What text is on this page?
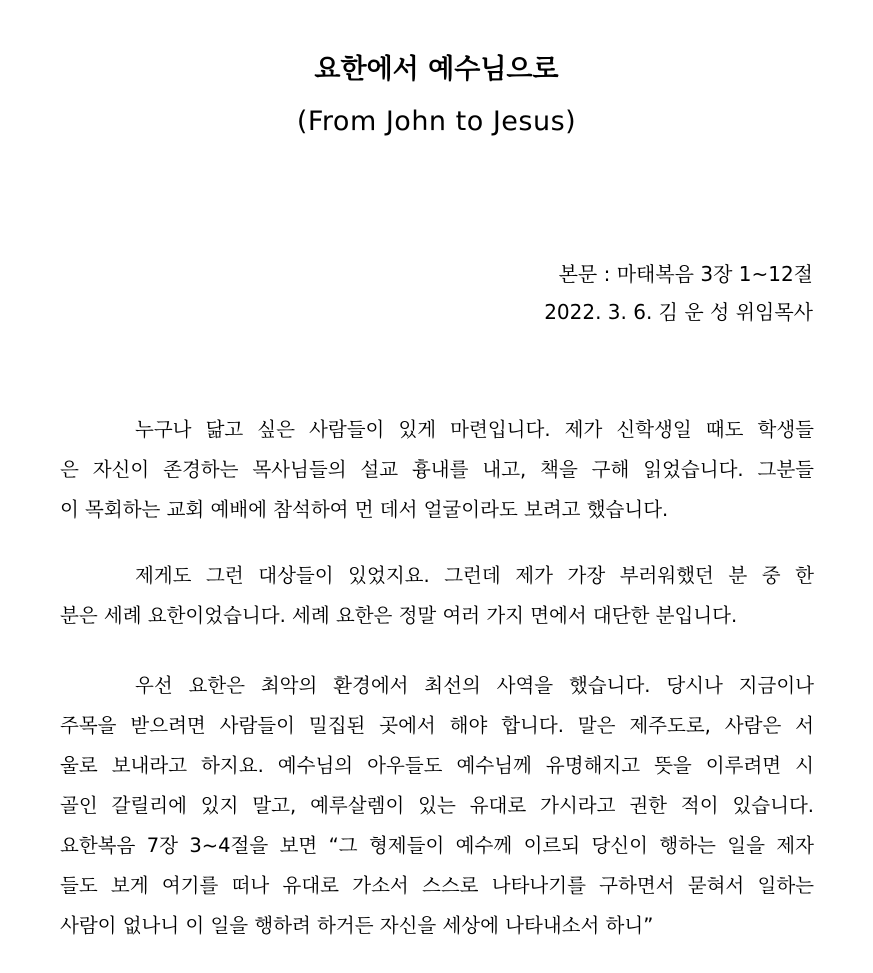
요한에서 예수님으로
(From John to Jesus)
본문 : 마태복음 3장 1~12절
2022. 3. 6. 김 운 성 위임목사
누구나 닮고 싶은 사람들이 있게 마련입니다. 제가 신학생일 때도 학생들
은 자신이 존경하는 목사님들의 설교 흉내를 내고, 책을 구해 읽었습니다. 그분들
이 목회하는 교회 예배에 참석하여 먼 데서 얼굴이라도 보려고 했습니다.
제게도 그런 대상들이 있었지요. 그런데 제가 가장 부러워했던 분 중 한
분은 세례 요한이었습니다. 세례 요한은 정말 여러 가지 면에서 대단한 분입니다.
우선 요한은 최악의 환경에서 최선의 사역을 했습니다. 당시나 지금이나
주목을 받으려면 사람들이 밀집된 곳에서 해야 합니다. 말은 제주도로, 사람은 서
울로 보내라고 하지요. 예수님의 아우들도 예수님께 유명해지고 뜻을 이루려면 시
골인 갈릴리에 있지 말고, 예루살렘이 있는 유대로 가시라고 권한 적이 있습니다.
요한복음 7장 3~4절을 보면 “그 형제들이 예수께 이르되 당신이 행하는 일을 제자
들도 보게 여기를 떠나 유대로 가소서 스스로 나타나기를 구하면서 묻혀서 일하는
사람이 없나니 이 일을 행하려 하거든 자신을 세상에 나타내소서 하니”
